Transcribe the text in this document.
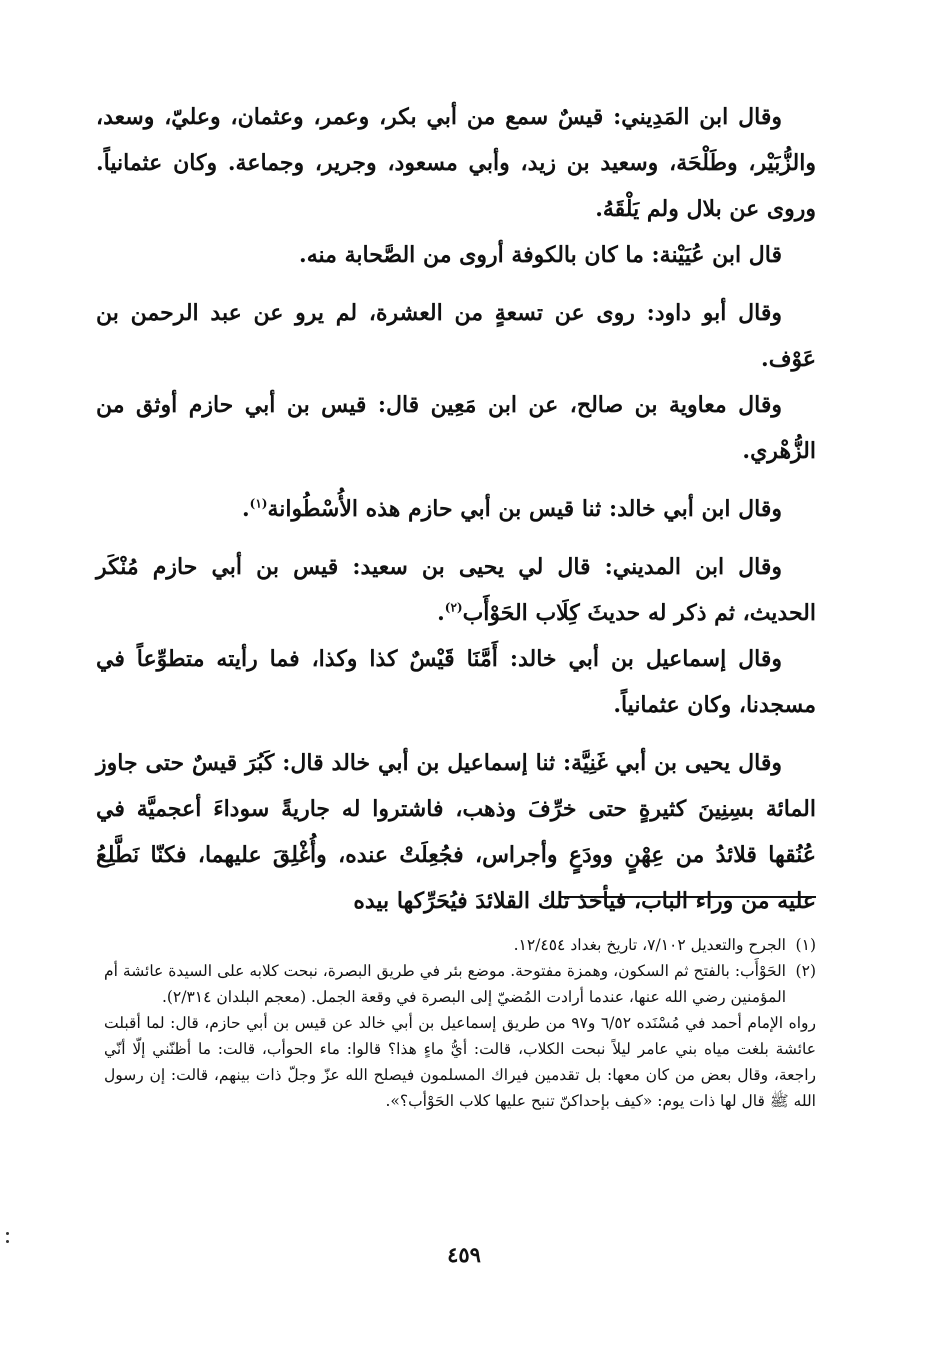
وقال ابن المَدِيني: قيسٌ سمع من أبي بكر، وعمر، وعثمان، وعليّ، وسعد، والزُّبَيْر، وطَلْحَة، وسعيد بن زيد، وأبي مسعود، وجرير، وجماعة. وكان عثمانياً. وروى عن بلال ولم يَلْقَهُ.

قال ابن عُيَيْنة: ما كان بالكوفة أروى من الصَّحابة منه.

وقال أبو داود: روى عن تسعةٍ من العشرة، لم يرو عن عبد الرحمن بن عَوْف.

وقال معاوية بن صالح، عن ابن مَعِين قال: قيس بن أبي حازم أوثق من الزُّهْري.

وقال ابن أبي خالد: ثنا قيس بن أبي حازم هذه الأُسْطُوانة$^{(١)}$.

وقال ابن المديني: قال لي يحيى بن سعيد: قيس بن أبي حازم مُنْكَر الحديث، ثم ذكر له حديثَ كِلَاب الحَوْأَب$^{(٢)}$.

وقال إسماعيل بن أبي خالد: أَمَّنَا قَيْسٌ كذا وكذا، فما رأيته متطوِّعاً في مسجدنا، وكان عثمانياً.

وقال يحيى بن أبي غَنِيَّة: ثنا إسماعيل بن أبي خالد قال: كَبُرَ قيسٌ حتى جاوز المائة بسِنِينَ كثيرةٍ حتى خرِّفَ وذهب، فاشتروا له جاريةً سوداءَ أعجميَّة في عُنُقها قلائدُ من عِهْنٍ وودَعٍ وأجراس، فجُعِلَتْ عنده، وأُغْلِقَ عليهما، فكنّا نَطَّلِعُ عليه من وراء الباب، فيأخذ تلك القلائدَ فيُحَرِّكها بيده

(١)
الجرح والتعديل ٧/١٠٢، تاريخ بغداد ١٢/٤٥٤.
(٢)
الحَوْأَب: بالفتح ثم السكون، وهمزة مفتوحة. موضع بئر في طريق البصرة، نبحت كلابه على السيدة عائشة أم المؤمنين رضي الله عنها، عندما أرادت المُضيّ إلى البصرة في وقعة الجمل. (معجم البلدان ٢/٣١٤).

رواه الإمام أحمد في مُسْنَده ٦/٥٢ و٩٧ من طريق إسماعيل بن أبي خالد عن قيس بن أبي حازم، قال: لما أقبلت عائشة بلغت مياه بني عامر ليلاً نبحت الكلاب، قالت: أيُّ ماءٍ هذا؟ قالوا: ماء الحوأب، قالت: ما أظنّني إلّا أنّي راجعة، وقال بعض من كان معها: بل تقدمين فيراك المسلمون فيصلح الله عزّ وجلّ ذات بينهم، قالت: إن رسول الله ﷺ قال لها ذات يوم: «كيف بإحداكنّ تنبح عليها كلاب الحَوْأب؟».

٤٥٩
